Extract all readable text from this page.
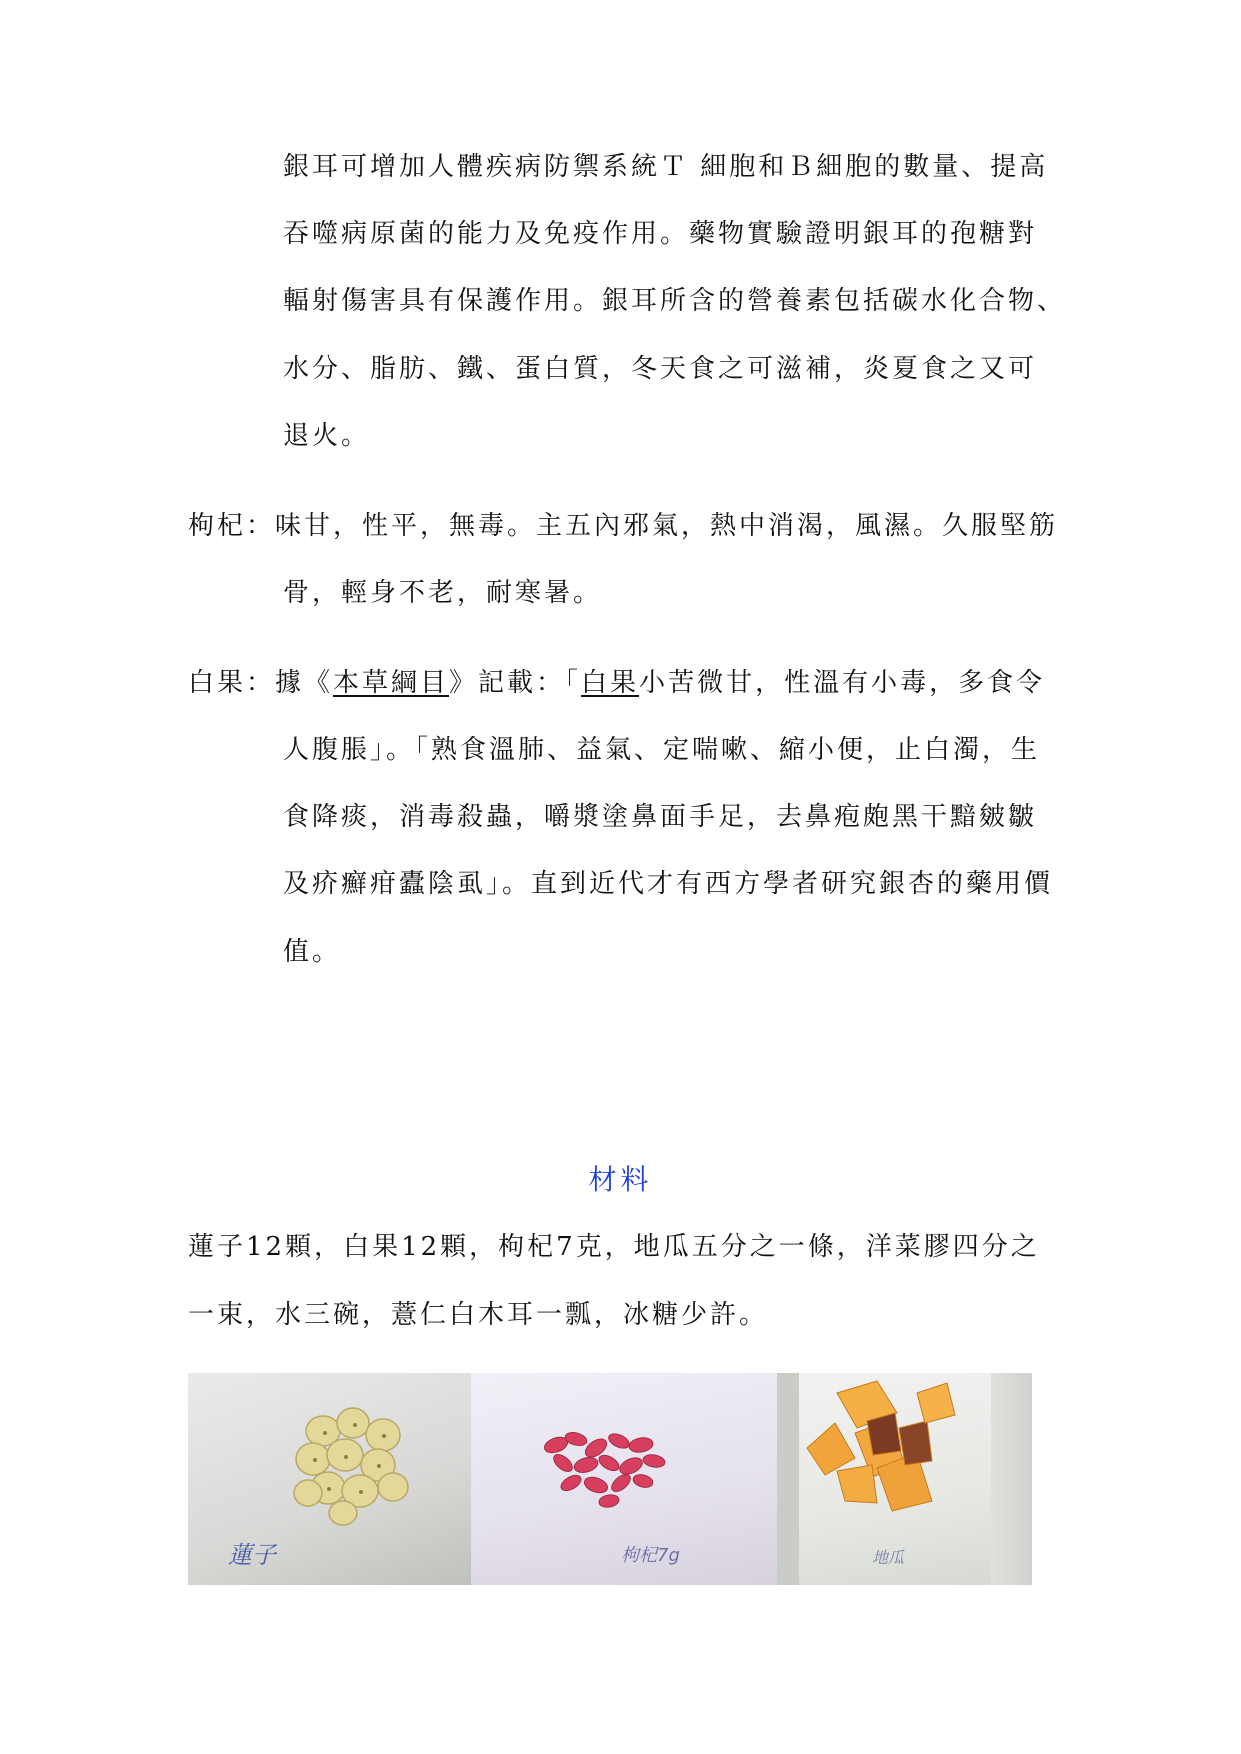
銀耳可增加人體疾病防禦系統Ｔ 細胞和Ｂ細胞的數量、提高
吞噬病原菌的能力及免疫作用。藥物實驗證明銀耳的孢糖對
輻射傷害具有保護作用。銀耳所含的營養素包括碳水化合物、
水分、脂肪、鐵、蛋白質，冬天食之可滋補，炎夏食之又可
退火。
枸杞：味甘，性平，無毒。主五內邪氣，熱中消渴，風濕。久服堅筋
骨，輕身不老，耐寒暑。
白果：據《本草綱目》記載：「白果小苦微甘，性溫有小毒，多食令
人腹脹」。「熟食溫肺、益氣、定喘嗽、縮小便，止白濁，生
食降痰，消毒殺蟲，嚼漿塗鼻面手足，去鼻疱皰黑干黯皴皺
及疥癬疳蠹陰虱」。直到近代才有西方學者研究銀杏的藥用價
值。
材料
蓮子12顆，白果12顆，枸杞7克，地瓜五分之一條，洋菜膠四分之
一束，水三碗，薏仁白木耳一瓢，冰糖少許。
蓮子	枸杞7g	地瓜
